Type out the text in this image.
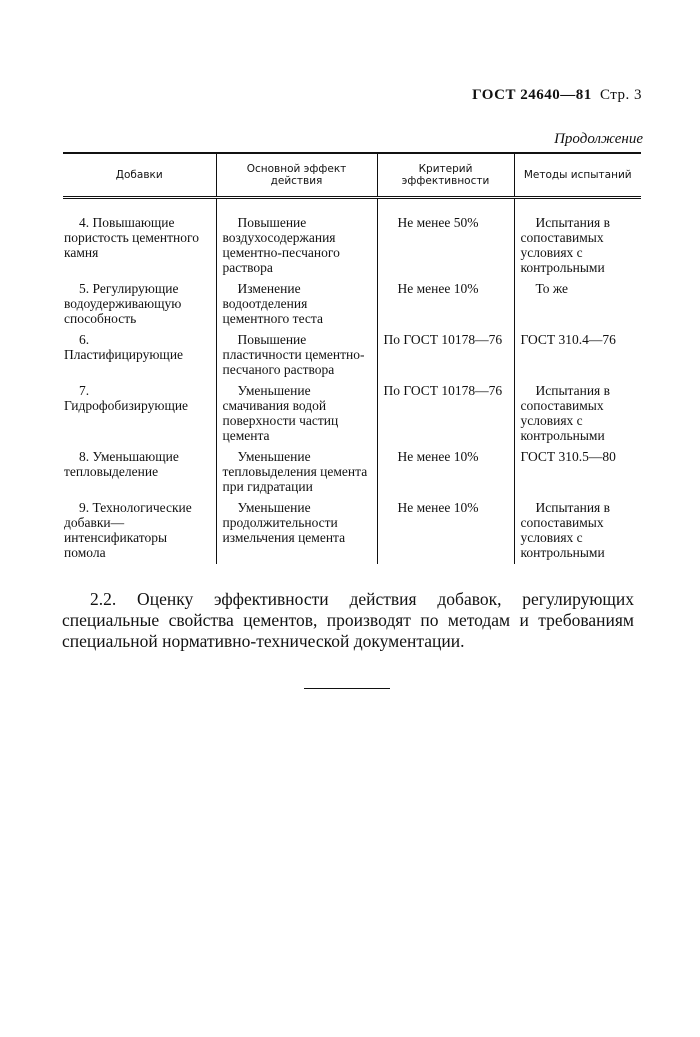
ГОСТ 24640—81 Стр. 3
Продолжение
Добавки	Основной эффект действия	Критерий эффективности	Методы испытаний
4. Повышающие пористость цементного камня	Повышение воздухосодержания цементно-песчаного раствора	Не менее 50%	Испытания в сопоставимых условиях с контрольными
5. Регулирующие водоудерживающую способность	Изменение водоотделения цементного теста	Не менее 10%	То же
6. Пластифицирующие	Повышение пластичности цементно-песчаного раствора	По ГОСТ 10178—76	ГОСТ 310.4—76
7. Гидрофобизирующие	Уменьшение смачивания водой поверхности частиц цемента	По ГОСТ 10178—76	Испытания в сопоставимых условиях с контрольными
8. Уменьшающие тепловыделение	Уменьшение тепловыделения цемента при гидратации	Не менее 10%	ГОСТ 310.5—80
9. Технологические добавки—интенсификаторы помола	Уменьшение продолжительности измельчения цемента	Не менее 10%	Испытания в сопоставимых условиях с контрольными

2.2. Оценку эффективности действия добавок, регулирующих специальные свойства цементов, производят по методам и требованиям специальной нормативно-технической документации.
